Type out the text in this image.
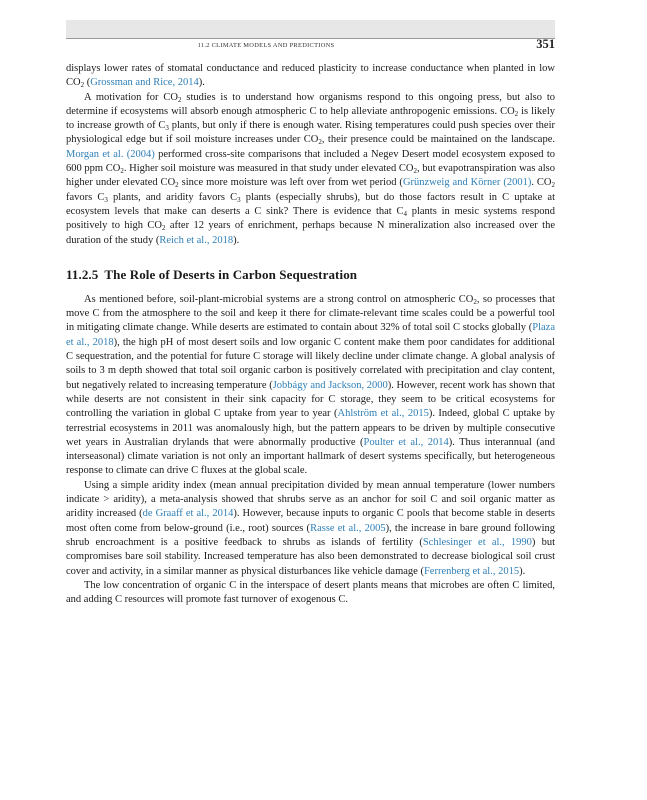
11.2 CLIMATE MODELS AND PREDICTIONS	351

displays lower rates of stomatal conductance and reduced plasticity to increase conductance when planted in low $CO_2$ (Grossman and Rice, 2014).

A motivation for $CO_2$ studies is to understand how organisms respond to this ongoing press, but also to determine if ecosystems will absorb enough atmospheric C to help alleviate anthropogenic emissions. $CO_2$ is likely to increase growth of $C_3$ plants, but only if there is enough water. Rising temperatures could push species over their physiological edge but if soil moisture increases under $CO_2$, their presence could be maintained on the landscape. Morgan et al. (2004) performed cross-site comparisons that included a Negev Desert model ecosystem exposed to 600 ppm $CO_2$. Higher soil moisture was measured in that study under elevated $CO_2$, but evapotranspiration was also higher under elevated $CO_2$ since more moisture was left over from wet period (Grünzweig and Körner (2001). $CO_2$ favors $C_3$ plants, and aridity favors $C_3$ plants (especially shrubs), but do those factors result in C uptake at ecosystem levels that make can deserts a C sink? There is evidence that $C_4$ plants in mesic systems respond positively to high $CO_2$ after 12 years of enrichment, perhaps because N mineralization also increased over the duration of the study (Reich et al., 2018).

11.2.5 The Role of Deserts in Carbon Sequestration

As mentioned before, soil-plant-microbial systems are a strong control on atmospheric $CO_2$, so processes that move C from the atmosphere to the soil and keep it there for climate-relevant time scales could be a powerful tool in mitigating climate change. While deserts are estimated to contain about 32% of total soil C stocks globally (Plaza et al., 2018), the high pH of most desert soils and low organic C content make them poor candidates for additional C sequestration, and the potential for future C storage will likely decline under climate change. A global analysis of soils to 3 m depth showed that total soil organic carbon is positively correlated with precipitation and clay content, but negatively related to increasing temperature (Jobbágy and Jackson, 2000). However, recent work has shown that while deserts are not consistent in their sink capacity for C storage, they seem to be critical ecosystems for controlling the variation in global C uptake from year to year (Ahlström et al., 2015). Indeed, global C uptake by terrestrial ecosystems in 2011 was anomalously high, but the pattern appears to be driven by multiple consecutive wet years in Australian drylands that were abnormally productive (Poulter et al., 2014). Thus interannual (and interseasonal) climate variation is not only an important hallmark of desert systems specifically, but heterogeneous response to climate can drive C fluxes at the global scale.

Using a simple aridity index (mean annual precipitation divided by mean annual temperature (lower numbers indicate > aridity), a meta-analysis showed that shrubs serve as an anchor for soil C and soil organic matter as aridity increased (de Graaff et al., 2014). However, because inputs to organic C pools that become stable in deserts most often come from below-ground (i.e., root) sources (Rasse et al., 2005), the increase in bare ground following shrub encroachment is a positive feedback to shrubs as islands of fertility (Schlesinger et al., 1990) but compromises bare soil stability. Increased temperature has also been demonstrated to decrease biological soil crust cover and activity, in a similar manner as physical disturbances like vehicle damage (Ferrenberg et al., 2015).

The low concentration of organic C in the interspace of desert plants means that microbes are often C limited, and adding C resources will promote fast turnover of exogenous C.
